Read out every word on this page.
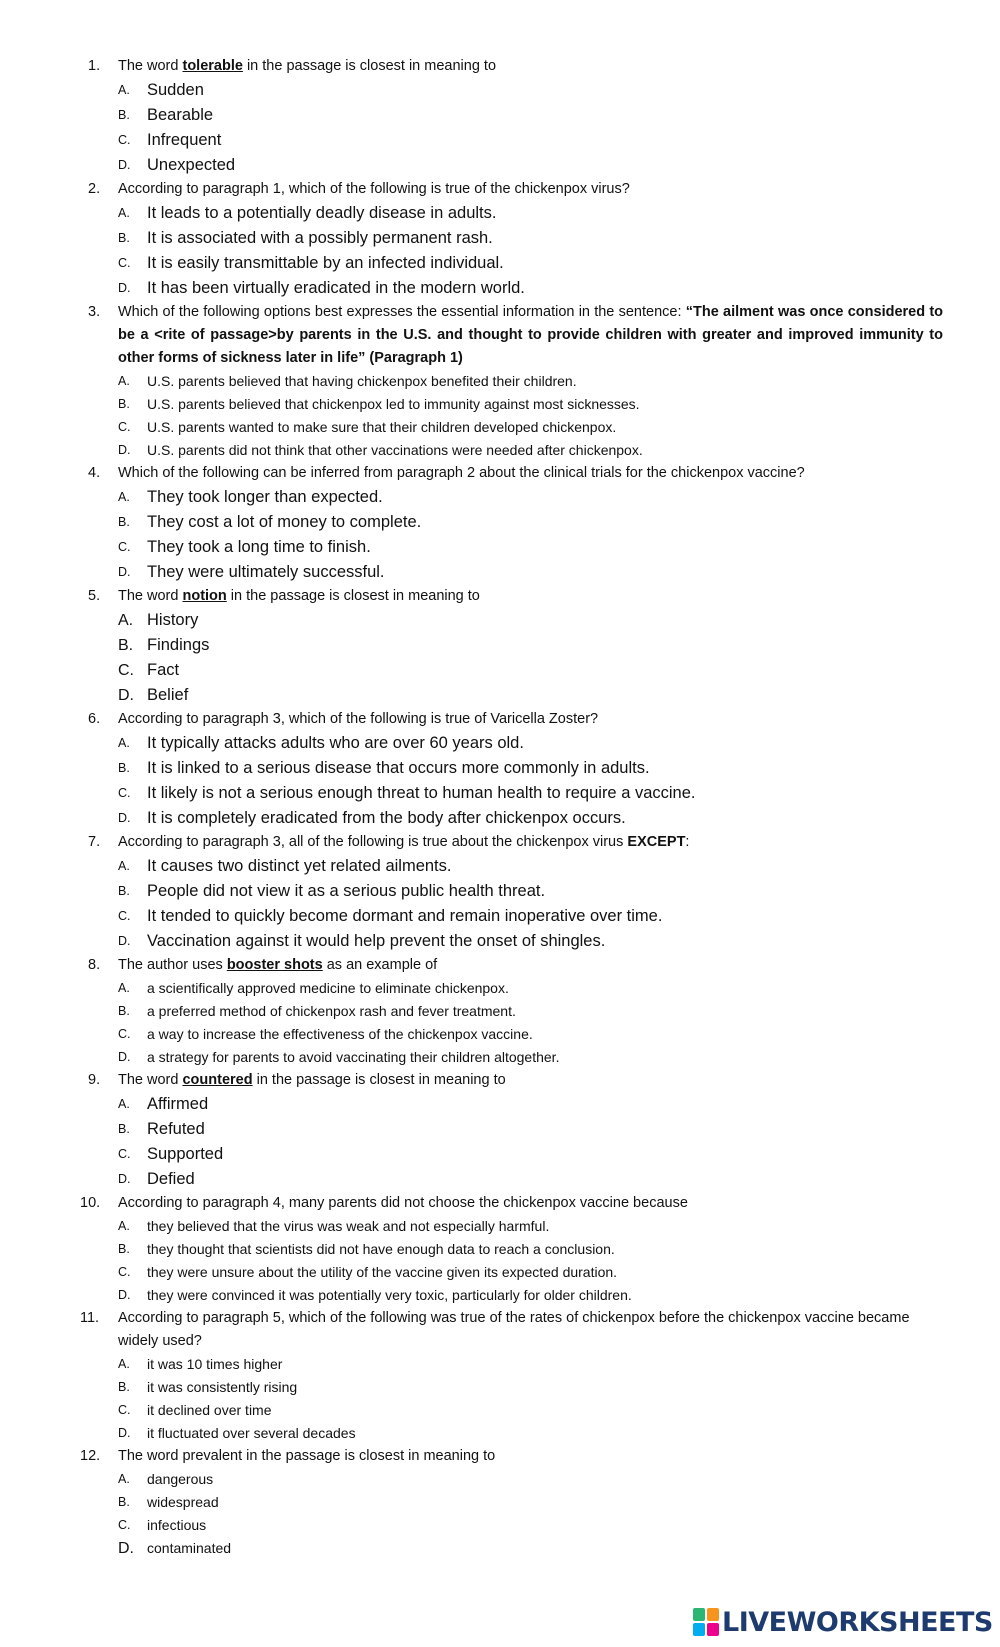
1. The word tolerable in the passage is closest in meaning to
A. Sudden
B. Bearable
C. Infrequent
D. Unexpected
2. According to paragraph 1, which of the following is true of the chickenpox virus?
A. It leads to a potentially deadly disease in adults.
B. It is associated with a possibly permanent rash.
C. It is easily transmittable by an infected individual.
D. It has been virtually eradicated in the modern world.
3. Which of the following options best expresses the essential information in the sentence: “The ailment was once considered to be a <rite of passage>by parents in the U.S. and thought to provide children with greater and improved immunity to other forms of sickness later in life” (Paragraph 1)
A. U.S. parents believed that having chickenpox benefited their children.
B. U.S. parents believed that chickenpox led to immunity against most sicknesses.
C. U.S. parents wanted to make sure that their children developed chickenpox.
D. U.S. parents did not think that other vaccinations were needed after chickenpox.
4. Which of the following can be inferred from paragraph 2 about the clinical trials for the chickenpox vaccine?
A. They took longer than expected.
B. They cost a lot of money to complete.
C. They took a long time to finish.
D. They were ultimately successful.
5. The word notion in the passage is closest in meaning to
A. History
B. Findings
C. Fact
D. Belief
6. According to paragraph 3, which of the following is true of Varicella Zoster?
A. It typically attacks adults who are over 60 years old.
B. It is linked to a serious disease that occurs more commonly in adults.
C. It likely is not a serious enough threat to human health to require a vaccine.
D. It is completely eradicated from the body after chickenpox occurs.
7. According to paragraph 3, all of the following is true about the chickenpox virus EXCEPT:
A. It causes two distinct yet related ailments.
B. People did not view it as a serious public health threat.
C. It tended to quickly become dormant and remain inoperative over time.
D. Vaccination against it would help prevent the onset of shingles.
8. The author uses booster shots as an example of
A. a scientifically approved medicine to eliminate chickenpox.
B. a preferred method of chickenpox rash and fever treatment.
C. a way to increase the effectiveness of the chickenpox vaccine.
D. a strategy for parents to avoid vaccinating their children altogether.
9. The word countered in the passage is closest in meaning to
A. Affirmed
B. Refuted
C. Supported
D. Defied
10. According to paragraph 4, many parents did not choose the chickenpox vaccine because
A. they believed that the virus was weak and not especially harmful.
B. they thought that scientists did not have enough data to reach a conclusion.
C. they were unsure about the utility of the vaccine given its expected duration.
D. they were convinced it was potentially very toxic, particularly for older children.
11. According to paragraph 5, which of the following was true of the rates of chickenpox before the chickenpox vaccine became widely used?
A. it was 10 times higher
B. it was consistently rising
C. it declined over time
D. it fluctuated over several decades
12. The word prevalent in the passage is closest in meaning to
A. dangerous
B. widespread
C. infectious
D. contaminated
LIVEWORKSHEETS
